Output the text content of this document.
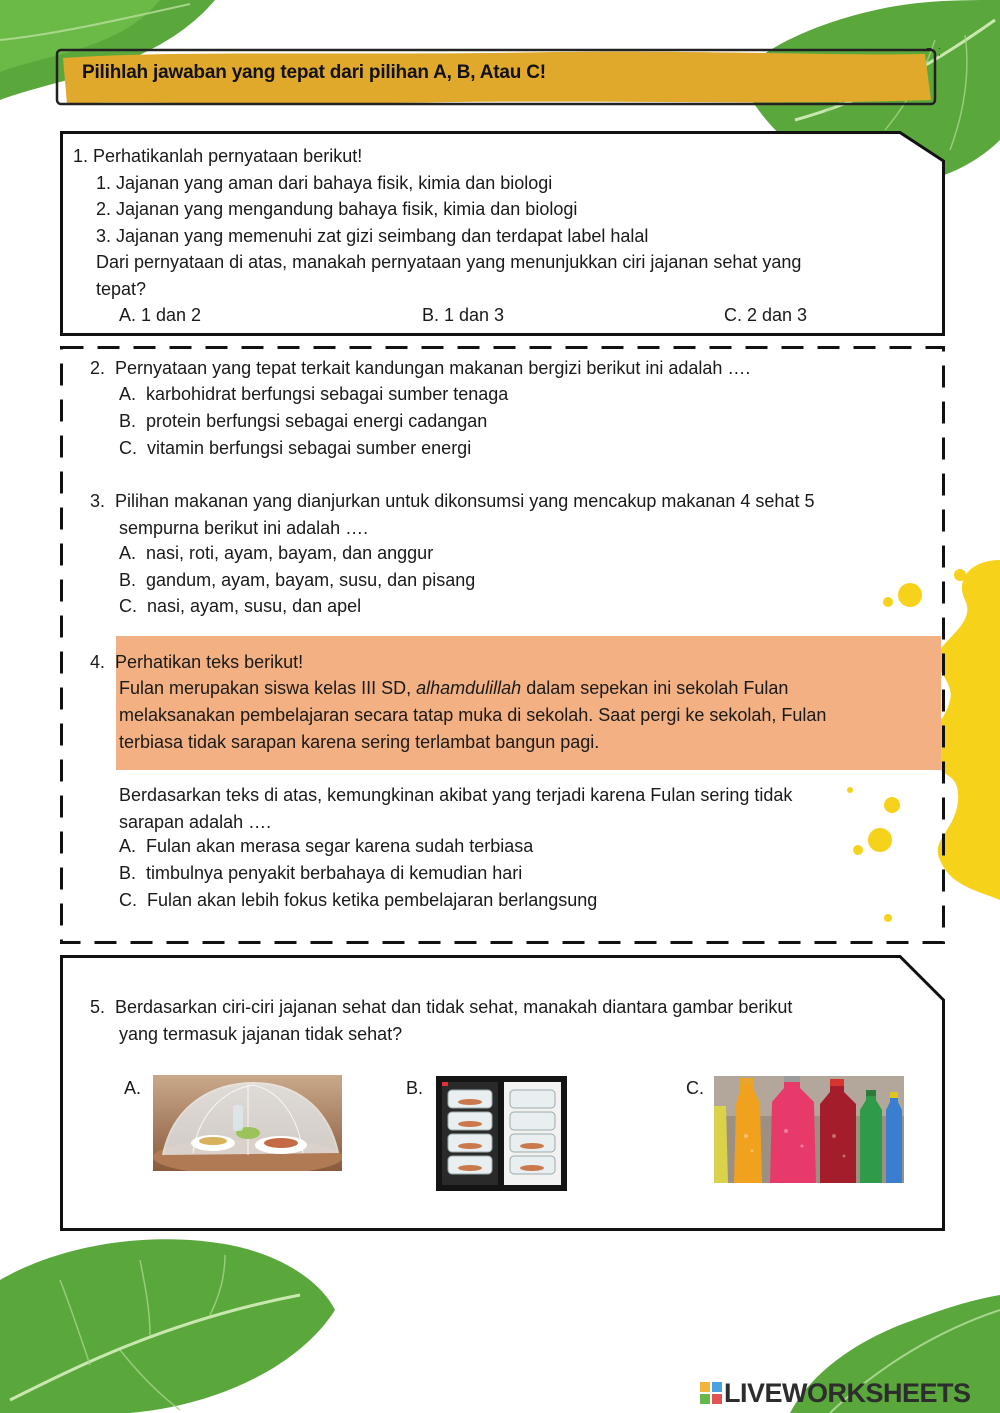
Pilihlah jawaban yang tepat dari pilihan A, B, Atau C!
1. Perhatikanlah pernyataan berikut!
1. Jajanan yang aman dari bahaya fisik, kimia dan biologi
2. Jajanan yang mengandung bahaya fisik, kimia dan biologi
3. Jajanan yang memenuhi zat gizi seimbang dan terdapat label halal
Dari pernyataan di atas, manakah pernyataan yang menunjukkan ciri jajanan sehat yang
tepat?
A. 1 dan 2	B. 1 dan 3	C. 2 dan 3
2. Pernyataan yang tepat terkait kandungan makanan bergizi berikut ini adalah ….
A. karbohidrat berfungsi sebagai sumber tenaga
B. protein berfungsi sebagai energi cadangan
C. vitamin berfungsi sebagai sumber energi
3. Pilihan makanan yang dianjurkan untuk dikonsumsi yang mencakup makanan 4 sehat 5
sempurna berikut ini adalah ….
A. nasi, roti, ayam, bayam, dan anggur
B. gandum, ayam, bayam, susu, dan pisang
C. nasi, ayam, susu, dan apel
4. Perhatikan teks berikut!
Fulan merupakan siswa kelas III SD, alhamdulillah dalam sepekan ini sekolah Fulan
melaksanakan pembelajaran secara tatap muka di sekolah. Saat pergi ke sekolah, Fulan
terbiasa tidak sarapan karena sering terlambat bangun pagi.
Berdasarkan teks di atas, kemungkinan akibat yang terjadi karena Fulan sering tidak
sarapan adalah ….
A. Fulan akan merasa segar karena sudah terbiasa
B. timbulnya penyakit berbahaya di kemudian hari
C. Fulan akan lebih fokus ketika pembelajaran berlangsung
5. Berdasarkan ciri-ciri jajanan sehat dan tidak sehat, manakah diantara gambar berikut
yang termasuk jajanan tidak sehat?
A.	B.	C.
LIVEWORKSHEETS
